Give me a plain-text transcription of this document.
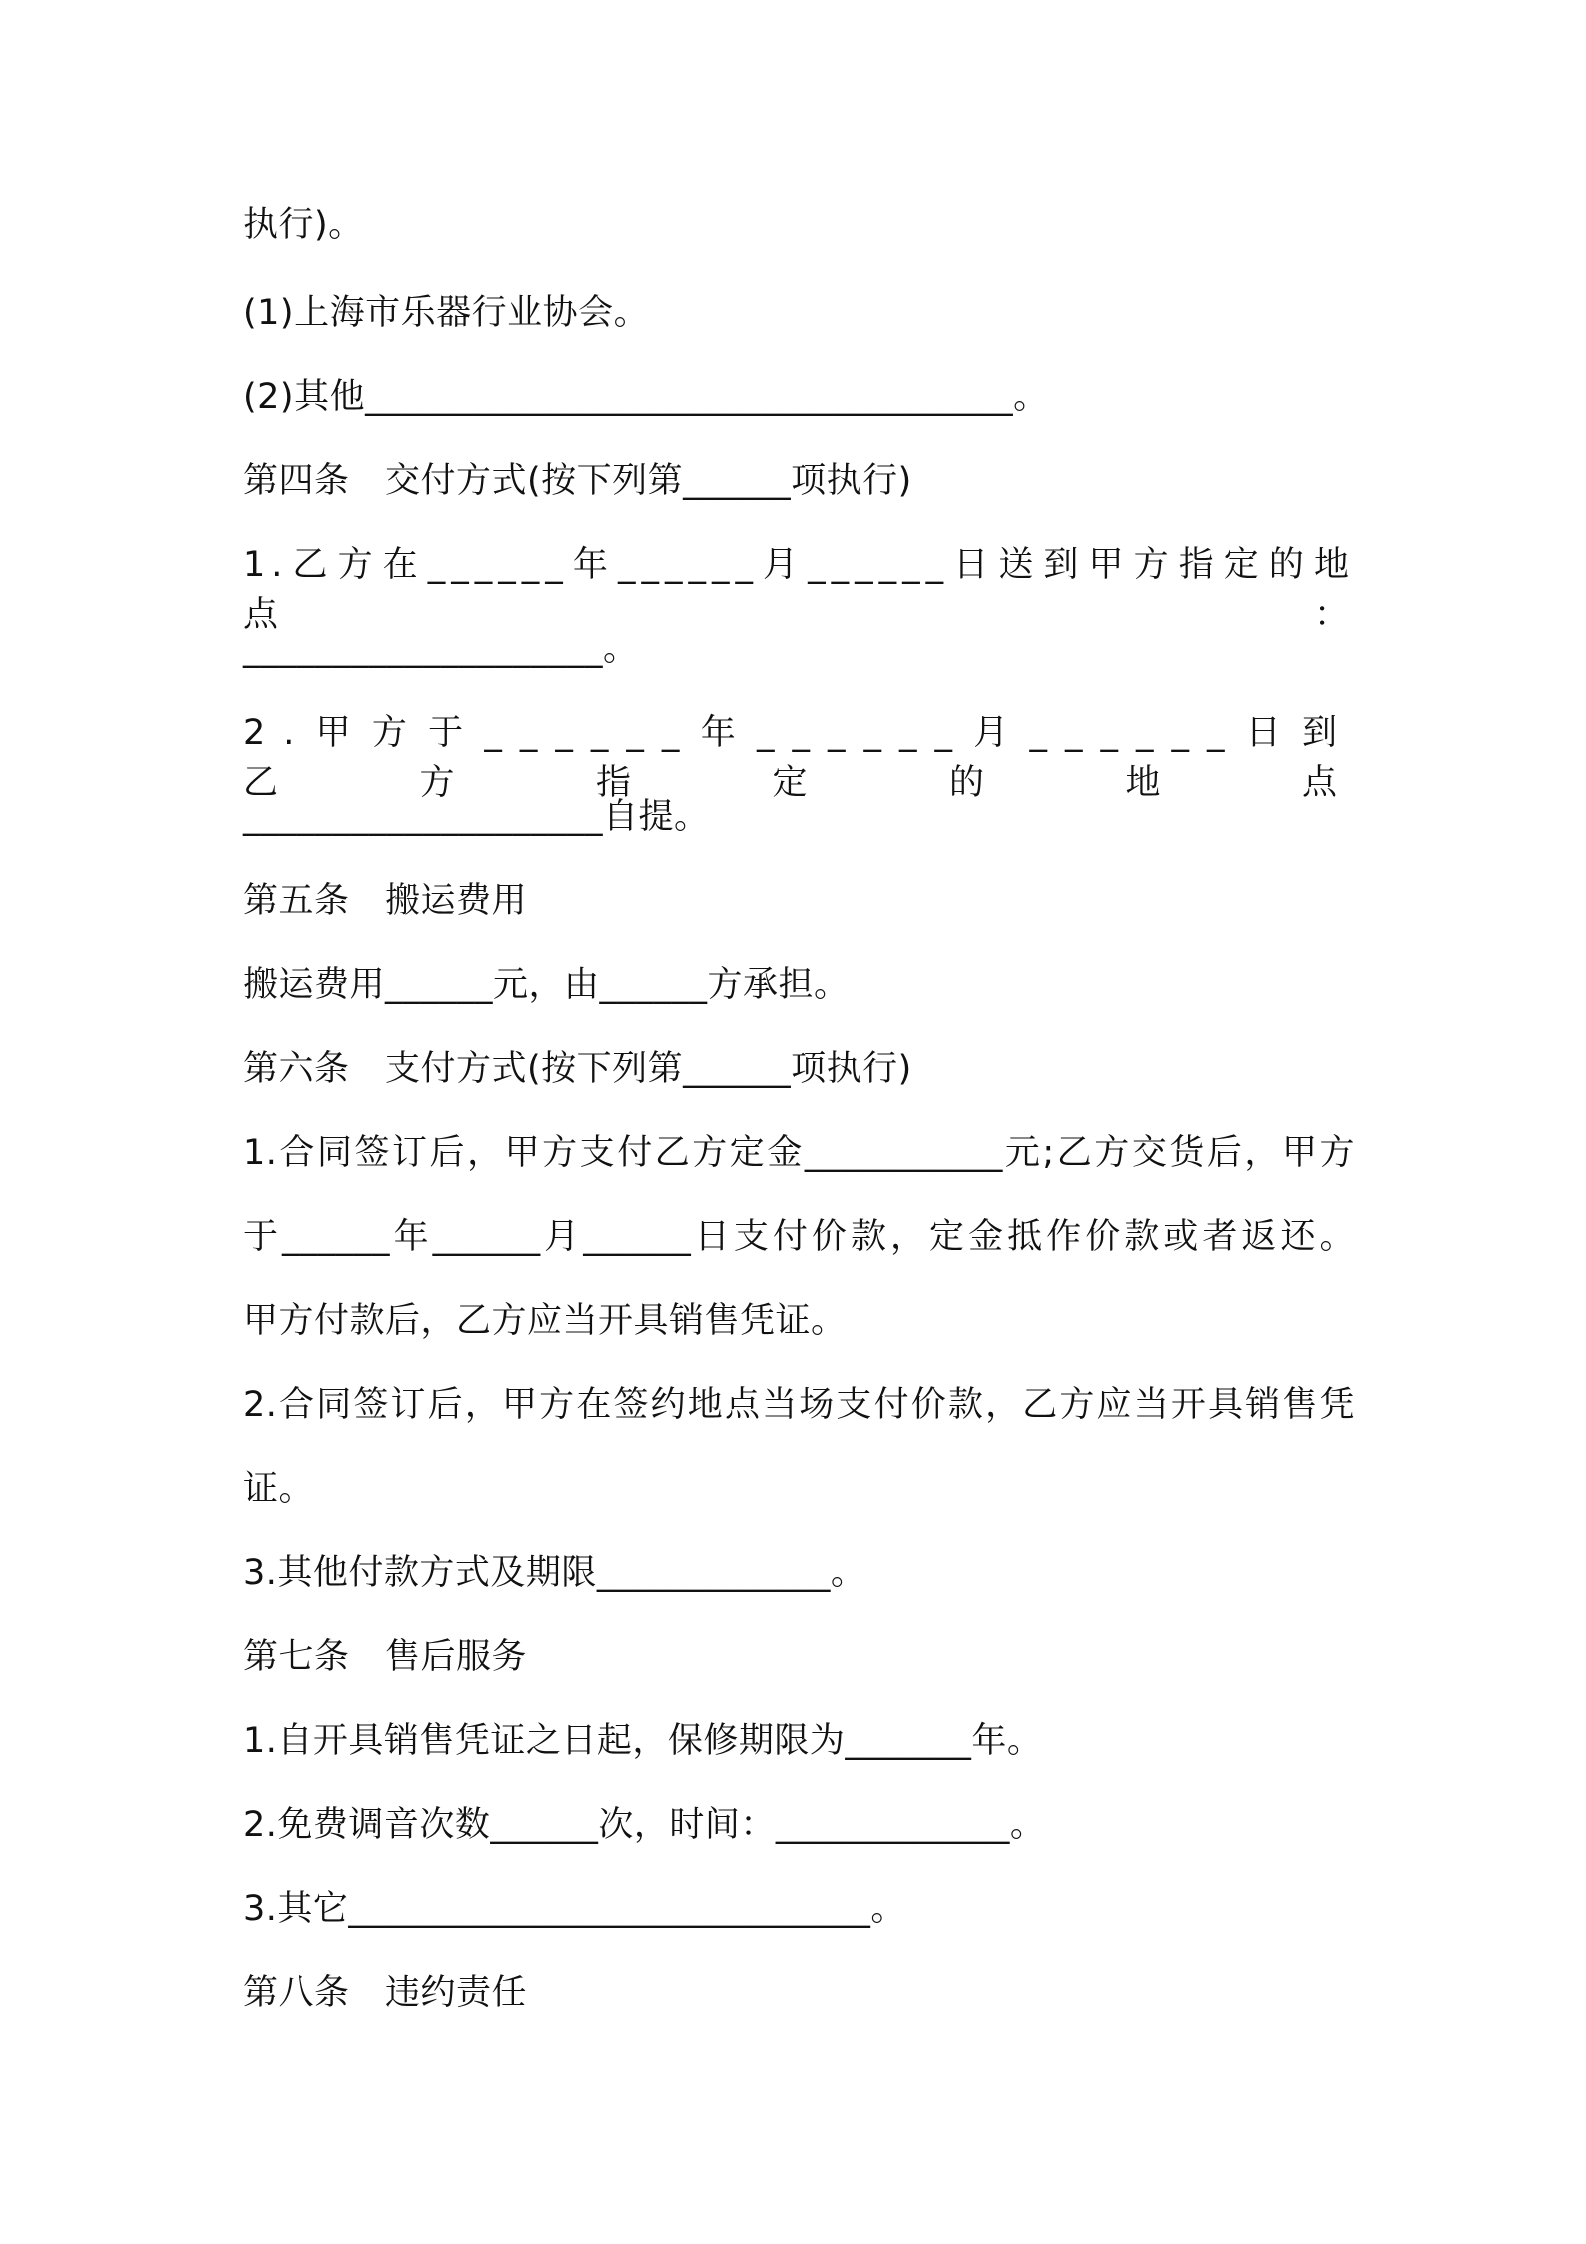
执行)。
(1)上海市乐器行业协会。
(2)其他____________________________________。
第四条　交付方式(按下列第______项执行)
1.乙方在______年______月______日送到甲方指定的地点：
____________________。
2.甲方于______年______月______日到乙方指定的地点
____________________自提。
第五条　搬运费用
搬运费用______元，由______方承担。
第六条　支付方式(按下列第______项执行)
1.合同签订后，甲方支付乙方定金___________元;乙方交货后，甲方
于______年______月______日支付价款，定金抵作价款或者返还。
甲方付款后，乙方应当开具销售凭证。
2.合同签订后，甲方在签约地点当场支付价款，乙方应当开具销售凭
证。
3.其他付款方式及期限_____________。
第七条　售后服务
1.自开具销售凭证之日起，保修期限为_______年。
2.免费调音次数______次，时间：_____________。
3.其它_____________________________。
第八条　违约责任
